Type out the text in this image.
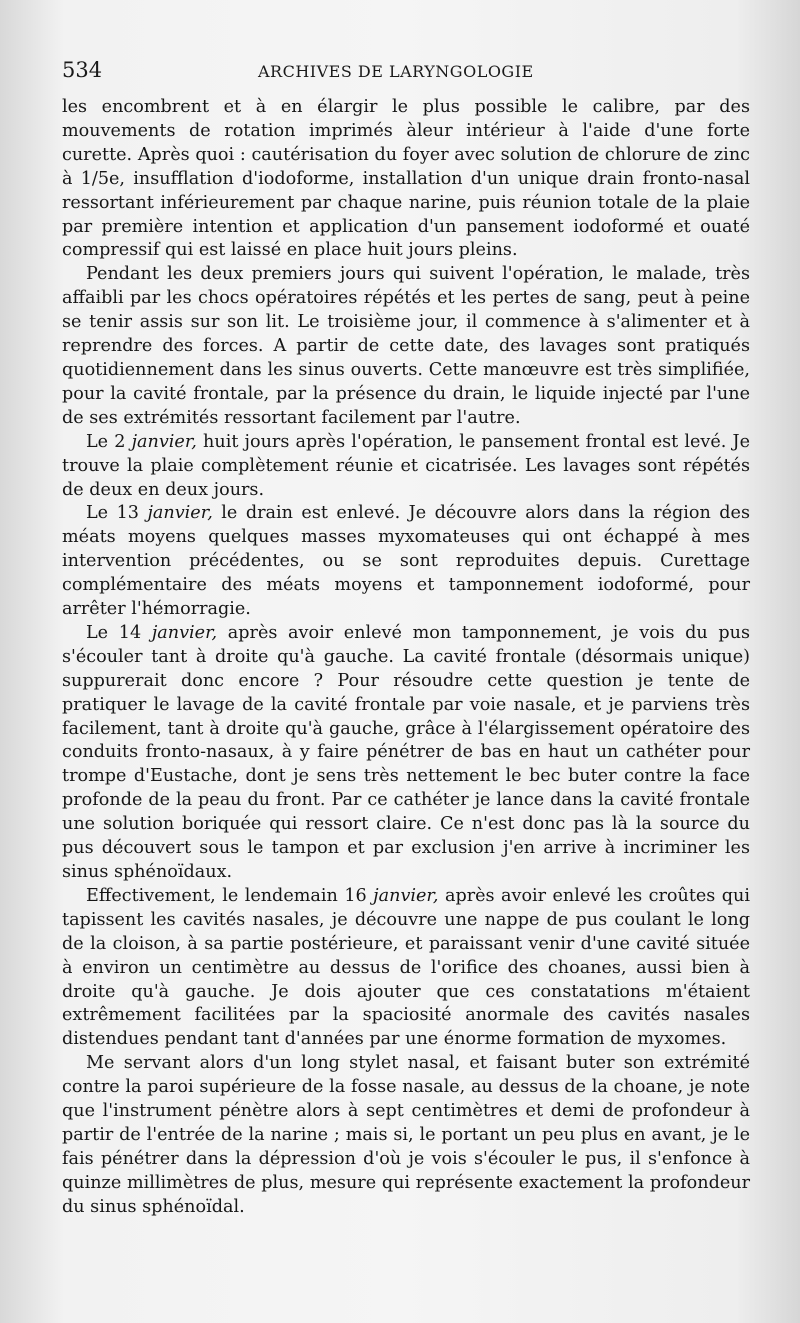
534	ARCHIVES DE LARYNGOLOGIE

les encombrent et à en élargir le plus possible le calibre, par des mouvements de rotation imprimés àleur intérieur à l'aide d'une forte curette. Après quoi : cautérisation du foyer avec solution de chlorure de zinc à 1/5e, insufflation d'iodoforme, installation d'un unique drain fronto-nasal ressortant inférieurement par chaque narine, puis réunion totale de la plaie par première intention et application d'un pansement iodoformé et ouaté compressif qui est laissé en place huit jours pleins.

Pendant les deux premiers jours qui suivent l'opération, le malade, très affaibli par les chocs opératoires répétés et les pertes de sang, peut à peine se tenir assis sur son lit. Le troisième jour, il commence à s'alimenter et à reprendre des forces. A partir de cette date, des lavages sont pratiqués quotidiennement dans les sinus ouverts. Cette manœuvre est très simplifiée, pour la cavité frontale, par la présence du drain, le liquide injecté par l'une de ses extrémités ressortant facilement par l'autre.

Le 2 janvier, huit jours après l'opération, le pansement frontal est levé. Je trouve la plaie complètement réunie et cicatrisée. Les lavages sont répétés de deux en deux jours.

Le 13 janvier, le drain est enlevé. Je découvre alors dans la région des méats moyens quelques masses myxomateuses qui ont échappé à mes intervention précédentes, ou se sont reproduites depuis. Curettage complémentaire des méats moyens et tamponnement iodoformé, pour arrêter l'hémorragie.

Le 14 janvier, après avoir enlevé mon tamponnement, je vois du pus s'écouler tant à droite qu'à gauche. La cavité frontale (désormais unique) suppurerait donc encore ? Pour résoudre cette question je tente de pratiquer le lavage de la cavité frontale par voie nasale, et je parviens très facilement, tant à droite qu'à gauche, grâce à l'élargissement opératoire des conduits fronto-nasaux, à y faire pénétrer de bas en haut un cathéter pour trompe d'Eustache, dont je sens très nettement le bec buter contre la face profonde de la peau du front. Par ce cathéter je lance dans la cavité frontale une solution boriquée qui ressort claire. Ce n'est donc pas là la source du pus découvert sous le tampon et par exclusion j'en arrive à incriminer les sinus sphénoïdaux.

Effectivement, le lendemain 16 janvier, après avoir enlevé les croûtes qui tapissent les cavités nasales, je découvre une nappe de pus coulant le long de la cloison, à sa partie postérieure, et paraissant venir d'une cavité située à environ un centimètre au dessus de l'orifice des choanes, aussi bien à droite qu'à gauche. Je dois ajouter que ces constatations m'étaient extrêmement facilitées par la spaciosité anormale des cavités nasales distendues pendant tant d'années par une énorme formation de myxomes.

Me servant alors d'un long stylet nasal, et faisant buter son extrémité contre la paroi supérieure de la fosse nasale, au dessus de la choane, je note que l'instrument pénètre alors à sept centimètres et demi de profondeur à partir de l'entrée de la narine ; mais si, le portant un peu plus en avant, je le fais pénétrer dans la dépression d'où je vois s'écouler le pus, il s'enfonce à quinze millimètres de plus, mesure qui représente exactement la profondeur du sinus sphénoïdal.
